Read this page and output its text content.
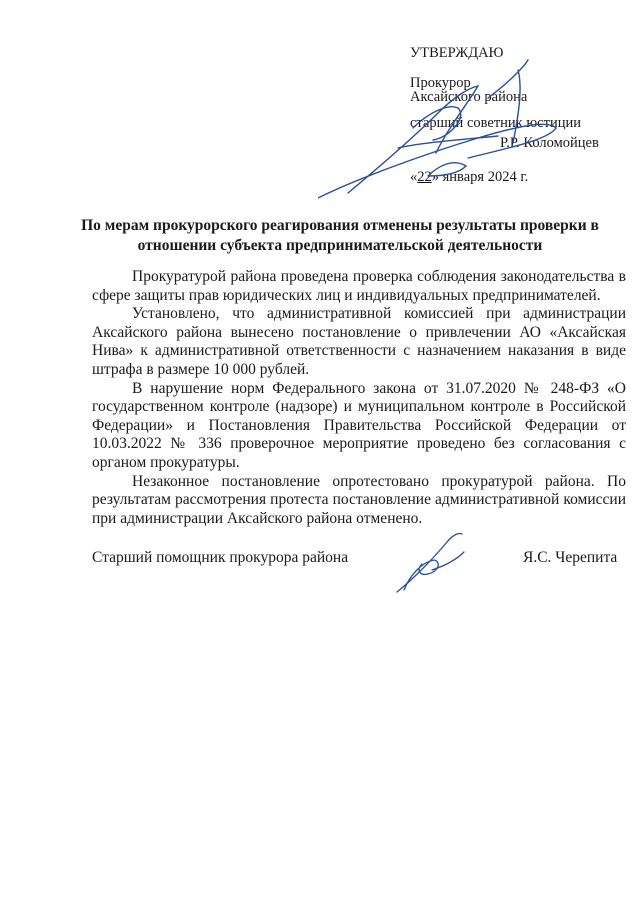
УТВЕРЖДАЮ
Прокурор
Аксайского района
старший советник юстиции
Р.Р. Коломойцев
«22» января 2024 г.
По мерам прокурорского реагирования отменены результаты проверки в отношении субъекта предпринимательской деятельности

Прокуратурой района проведена проверка соблюдения законодательства в сфере защиты прав юридических лиц и индивидуальных предпринимателей.

Установлено, что административной комиссией при администрации Аксайского района вынесено постановление о привлечении АО «Аксайская Нива» к административной ответственности с назначением наказания в виде штрафа в размере 10 000 рублей.

В нарушение норм Федерального закона от 31.07.2020 № 248-ФЗ «О государственном контроле (надзоре) и муниципальном контроле в Российской Федерации» и Постановления Правительства Российской Федерации от 10.03.2022 № 336 проверочное мероприятие проведено без согласования с органом прокуратуры.

Незаконное постановление опротестовано прокуратурой района. По результатам рассмотрения протеста постановление административной комиссии при администрации Аксайского района отменено.

Старший помощник прокурора района	Я.С. Черепита
